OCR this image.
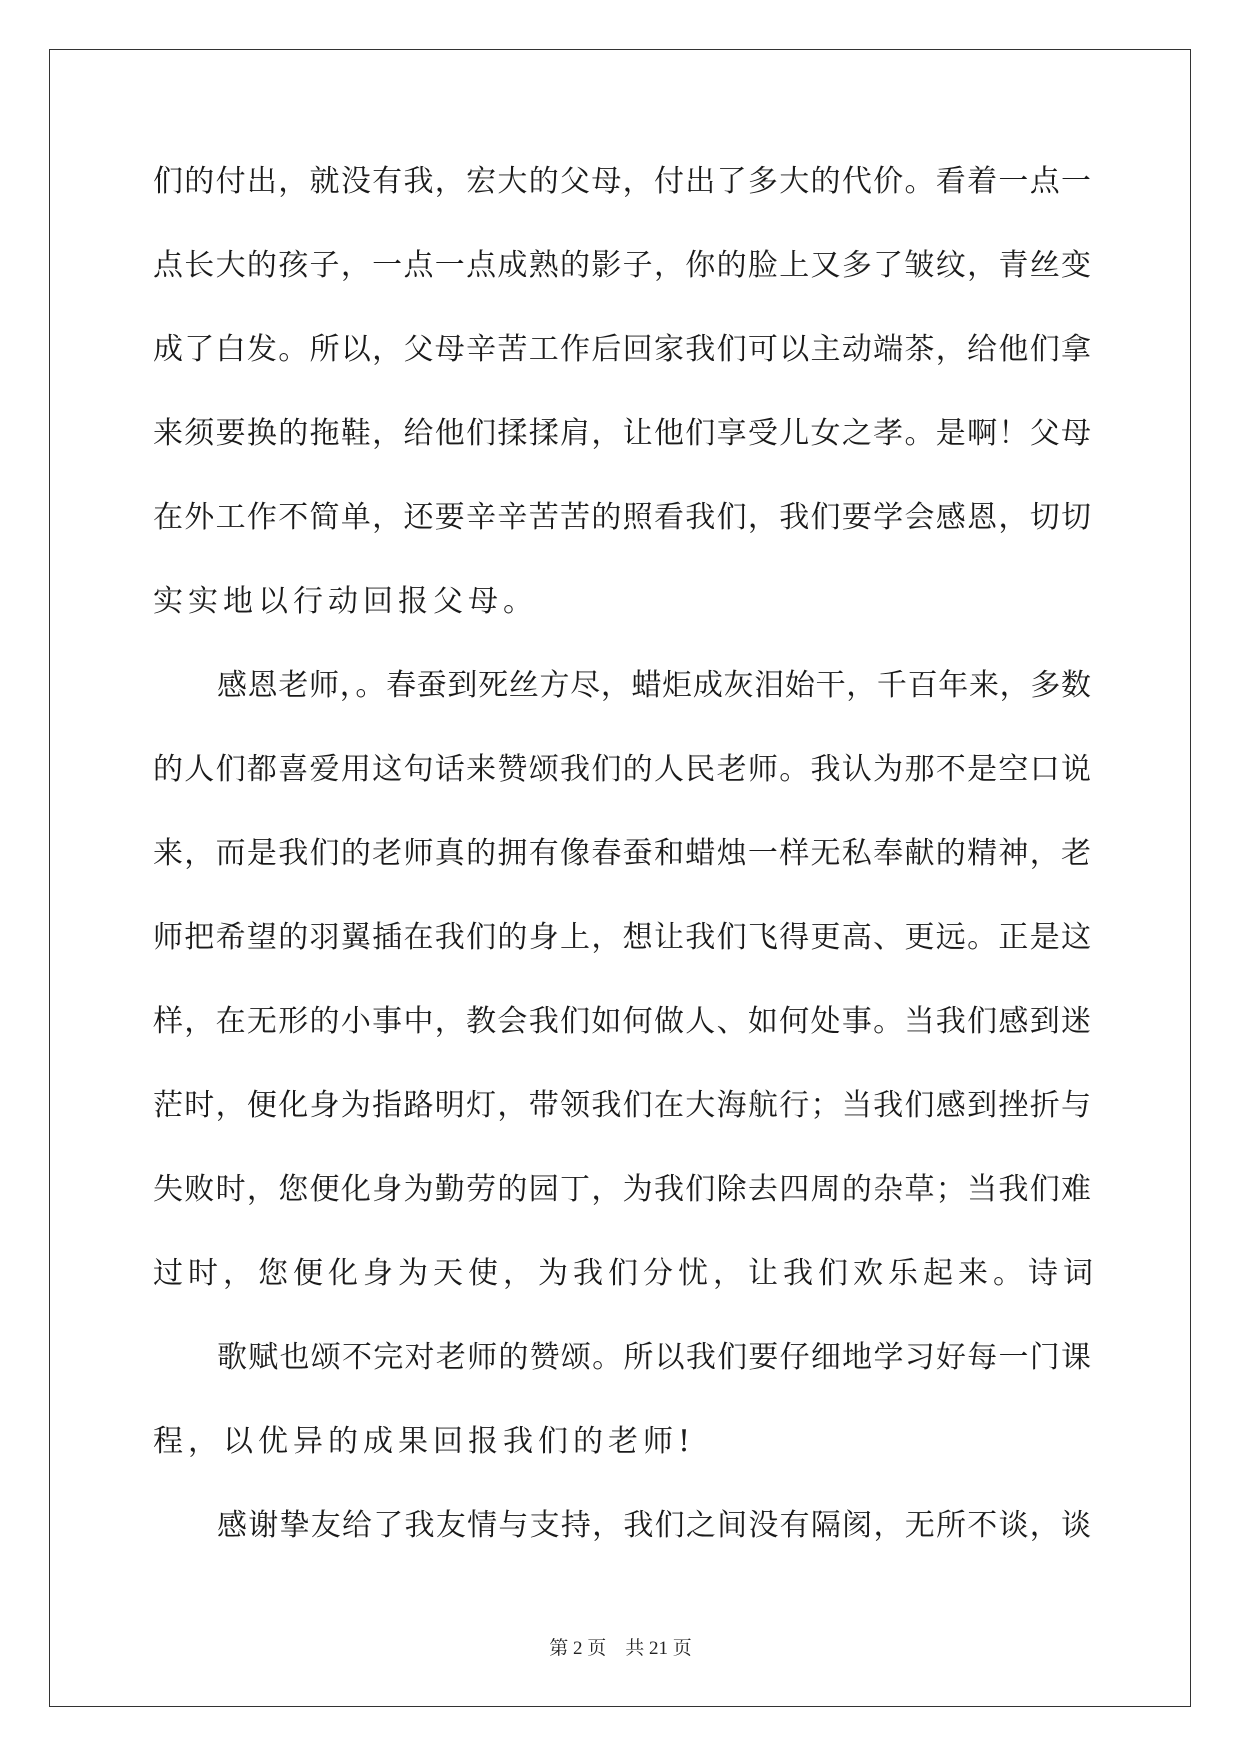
们的付出，就没有我，宏大的父母，付出了多大的代价。看着一点一
点长大的孩子，一点一点成熟的影子，你的脸上又多了皱纹，青丝变
成了白发。所以，父母辛苦工作后回家我们可以主动端茶，给他们拿
来须要换的拖鞋，给他们揉揉肩，让他们享受儿女之孝。是啊！父母
在外工作不简单，还要辛辛苦苦的照看我们，我们要学会感恩，切切
实实地以行动回报父母。
感恩老师，。春蚕到死丝方尽，蜡炬成灰泪始干，千百年来，多数
的人们都喜爱用这句话来赞颂我们的人民老师。我认为那不是空口说
来，而是我们的老师真的拥有像春蚕和蜡烛一样无私奉献的精神，老
师把希望的羽翼插在我们的身上，想让我们飞得更高、更远。正是这
样，在无形的小事中，教会我们如何做人、如何处事。当我们感到迷
茫时，便化身为指路明灯，带领我们在大海航行；当我们感到挫折与
失败时，您便化身为勤劳的园丁，为我们除去四周的杂草；当我们难
过时，您便化身为天使，为我们分忧，让我们欢乐起来。诗词
歌赋也颂不完对老师的赞颂。所以我们要仔细地学习好每一门课
程，以优异的成果回报我们的老师!
感谢挚友给了我友情与支持，我们之间没有隔阂，无所不谈，谈
第 2 页 共 21 页
